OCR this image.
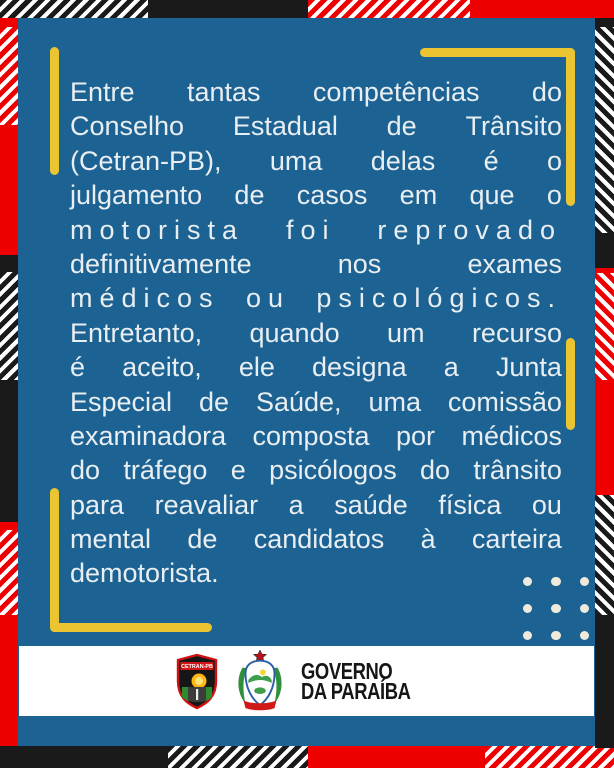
Entre tantas competências do
Conselho Estadual de Trânsito
(Cetran-PB), uma delas é o
julgamento de casos em que o
motorista foi reprovado
definitivamente	nos	exames
médicos ou psicológicos.
Entretanto, quando um recurso
é aceito, ele designa a Junta
Especial de Saúde, uma comissão
examinadora composta por médicos
do tráfego e psicólogos do trânsito
para reavaliar a saúde física ou
mental de candidatos à carteira
de motorista.
CETRAN-PB	GOVERNO
DA PARAÍBA
